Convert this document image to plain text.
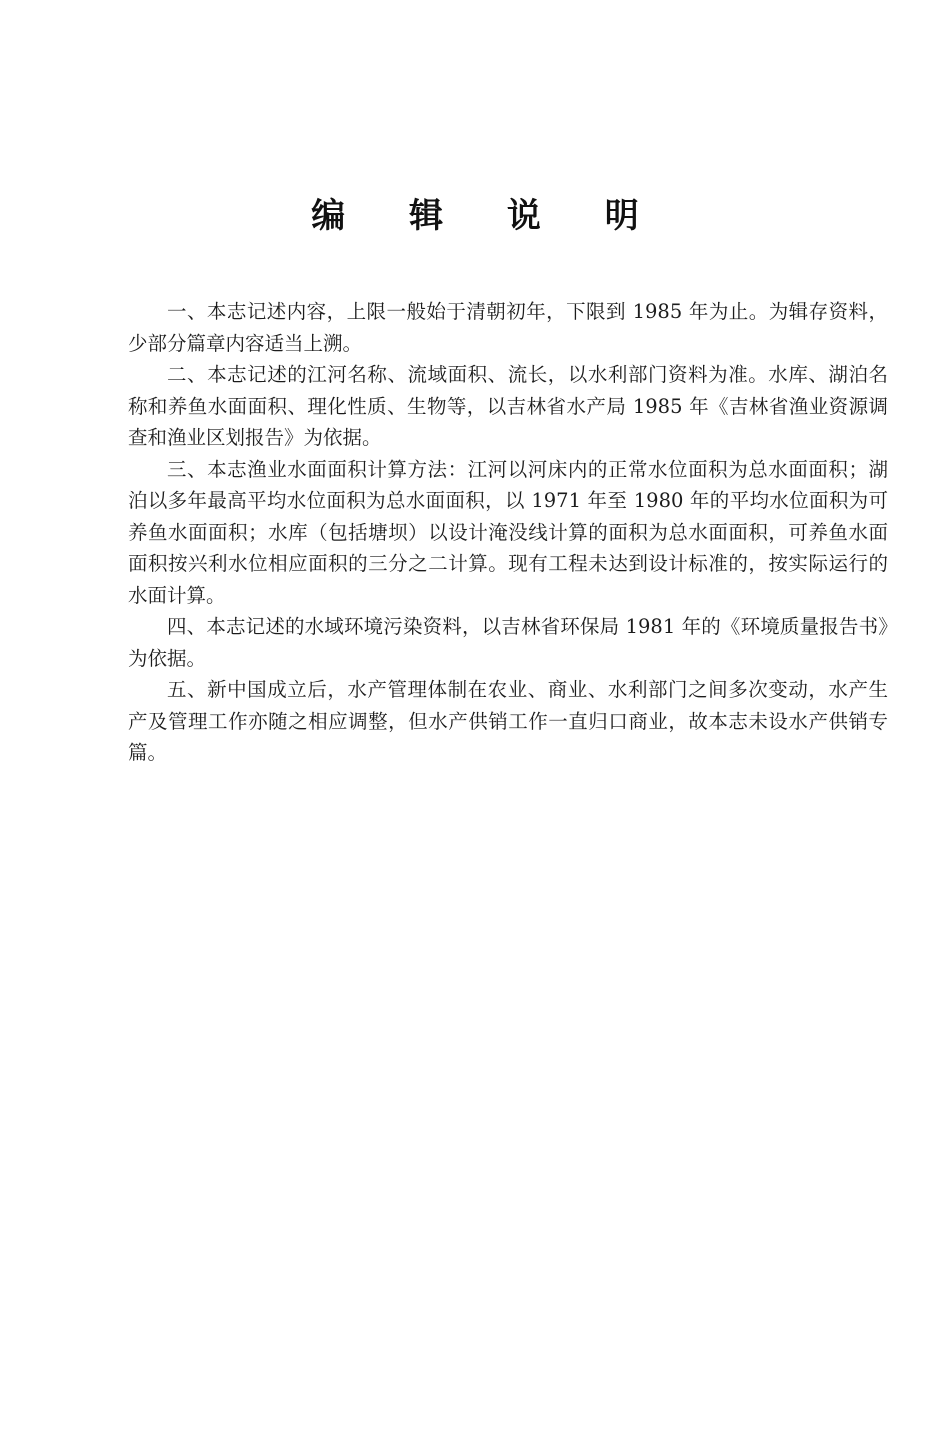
编 辑 说 明

一、本志记述内容，上限一般始于清朝初年，下限到 1985 年为止。为辑存资料，少部分篇章内容适当上溯。

二、本志记述的江河名称、流域面积、流长，以水利部门资料为准。水库、湖泊名称和养鱼水面面积、理化性质、生物等，以吉林省水产局 1985 年《吉林省渔业资源调查和渔业区划报告》为依据。

三、本志渔业水面面积计算方法：江河以河床内的正常水位面积为总水面面积；湖泊以多年最高平均水位面积为总水面面积，以 1971 年至 1980 年的平均水位面积为可养鱼水面面积；水库（包括塘坝）以设计淹没线计算的面积为总水面面积，可养鱼水面面积按兴利水位相应面积的三分之二计算。现有工程未达到设计标准的，按实际运行的水面计算。

四、本志记述的水域环境污染资料，以吉林省环保局 1981 年的《环境质量报告书》为依据。

五、新中国成立后，水产管理体制在农业、商业、水利部门之间多次变动，水产生产及管理工作亦随之相应调整，但水产供销工作一直归口商业，故本志未设水产供销专篇。
